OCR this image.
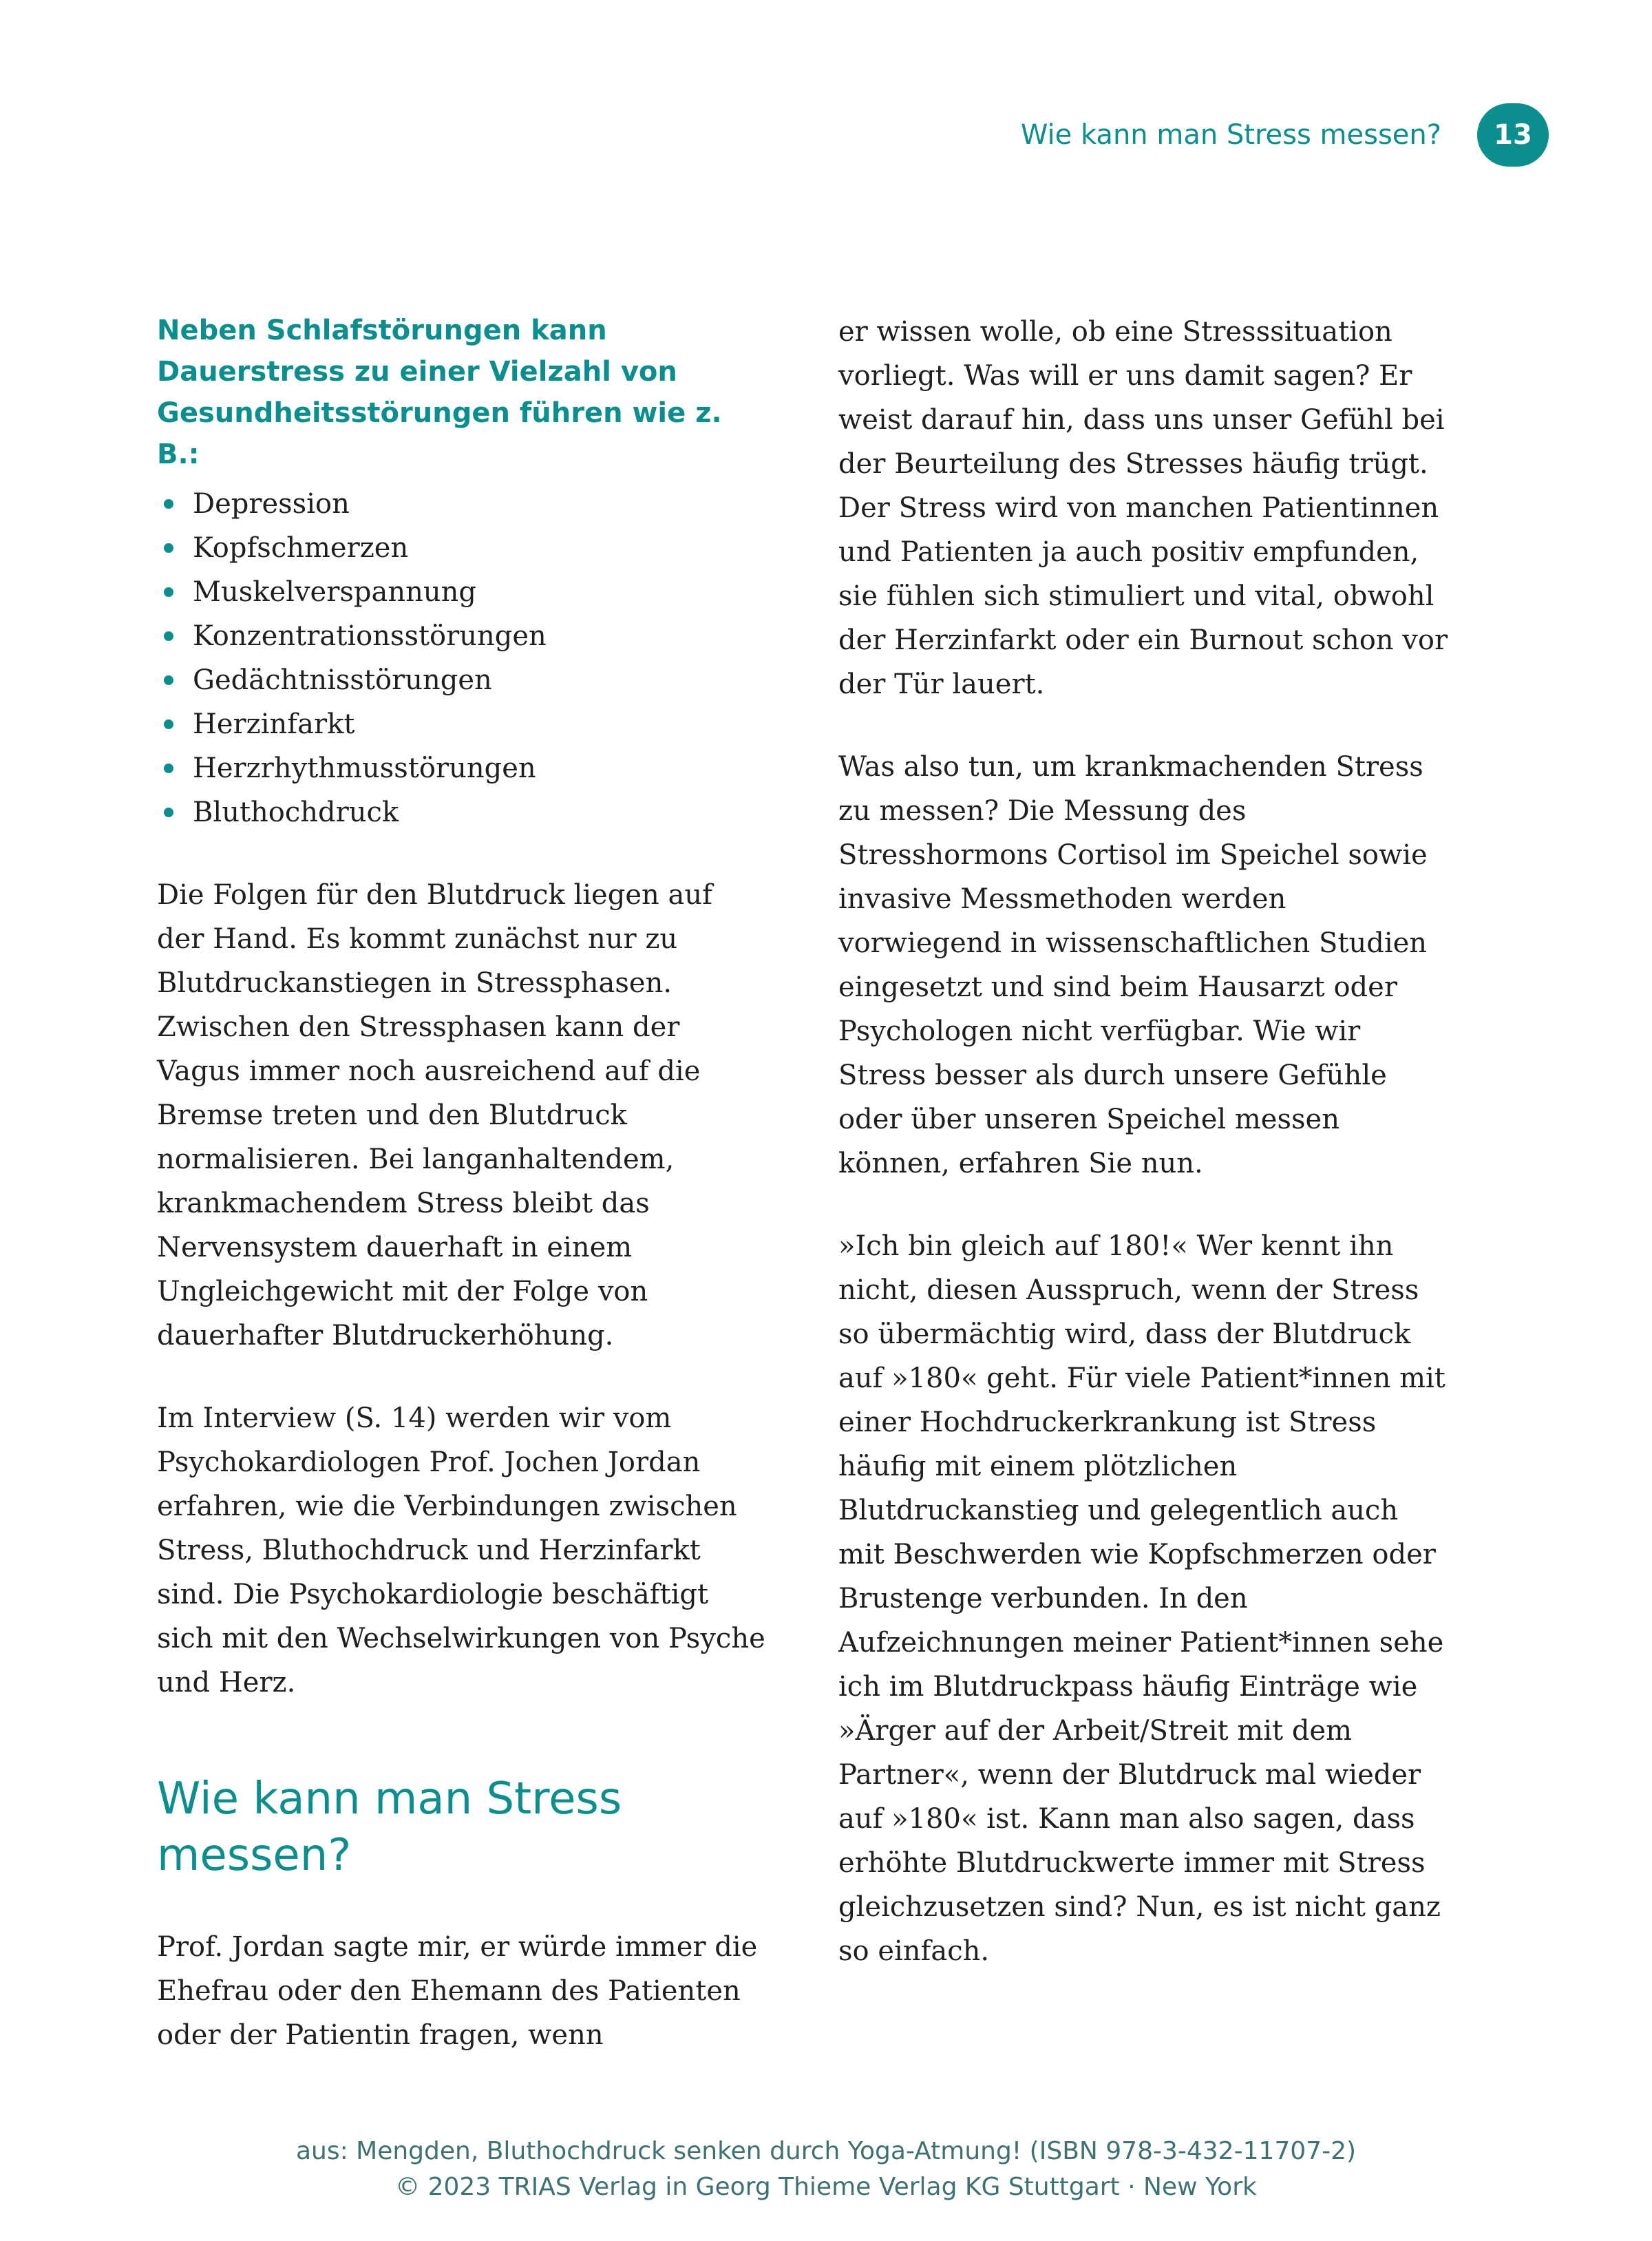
Wie kann man Stress messen?	13
Neben Schlafstörungen kann Dauerstress zu einer Vielzahl von Gesundheitsstörungen führen wie z. B.:
Depression
Kopfschmerzen
Muskelverspannung
Konzentrationsstörungen
Gedächtnisstörungen
Herzinfarkt
Herzrhythmusstörungen
Bluthochdruck

Die Folgen für den Blutdruck liegen auf der Hand. Es kommt zunächst nur zu Blutdruckanstiegen in Stressphasen. Zwischen den Stressphasen kann der Vagus immer noch ausreichend auf die Bremse treten und den Blutdruck normalisieren. Bei langanhaltendem, krankmachendem Stress bleibt das Nervensystem dauerhaft in einem Ungleichgewicht mit der Folge von dauerhafter Blutdruckerhöhung.

Im Interview (S. 14) werden wir vom Psychokardiologen Prof. Jochen Jordan erfahren, wie die Verbindungen zwischen Stress, Bluthochdruck und Herzinfarkt sind. Die Psychokardiologie beschäftigt sich mit den Wechselwirkungen von Psyche und Herz.

Wie kann man Stress messen?

Prof. Jordan sagte mir, er würde immer die Ehefrau oder den Ehemann des Patienten oder der Patientin fragen, wenn

er wissen wolle, ob eine Stresssituation vorliegt. Was will er uns damit sagen? Er weist darauf hin, dass uns unser Gefühl bei der Beurteilung des Stresses häufig trügt. Der Stress wird von manchen Patientinnen und Patienten ja auch positiv empfunden, sie fühlen sich stimuliert und vital, obwohl der Herzinfarkt oder ein Burnout schon vor der Tür lauert.

Was also tun, um krankmachenden Stress zu messen? Die Messung des Stresshormons Cortisol im Speichel sowie invasive Messmethoden werden vorwiegend in wissenschaftlichen Studien eingesetzt und sind beim Hausarzt oder Psychologen nicht verfügbar. Wie wir Stress besser als durch unsere Gefühle oder über unseren Speichel messen können, erfahren Sie nun.

»Ich bin gleich auf 180!« Wer kennt ihn nicht, diesen Ausspruch, wenn der Stress so übermächtig wird, dass der Blutdruck auf »180« geht. Für viele Patient*innen mit einer Hochdruckerkrankung ist Stress häufig mit einem plötzlichen Blutdruckanstieg und gelegentlich auch mit Beschwerden wie Kopfschmerzen oder Brustenge verbunden. In den Aufzeichnungen meiner Patient*innen sehe ich im Blutdruckpass häufig Einträge wie »Ärger auf der Arbeit/Streit mit dem Partner«, wenn der Blutdruck mal wieder auf »180« ist. Kann man also sagen, dass erhöhte Blutdruckwerte immer mit Stress gleichzusetzen sind? Nun, es ist nicht ganz so einfach.

aus: Mengden, Bluthochdruck senken durch Yoga-Atmung! (ISBN 978-3-432-11707-2)
© 2023 TRIAS Verlag in Georg Thieme Verlag KG Stuttgart · New York
